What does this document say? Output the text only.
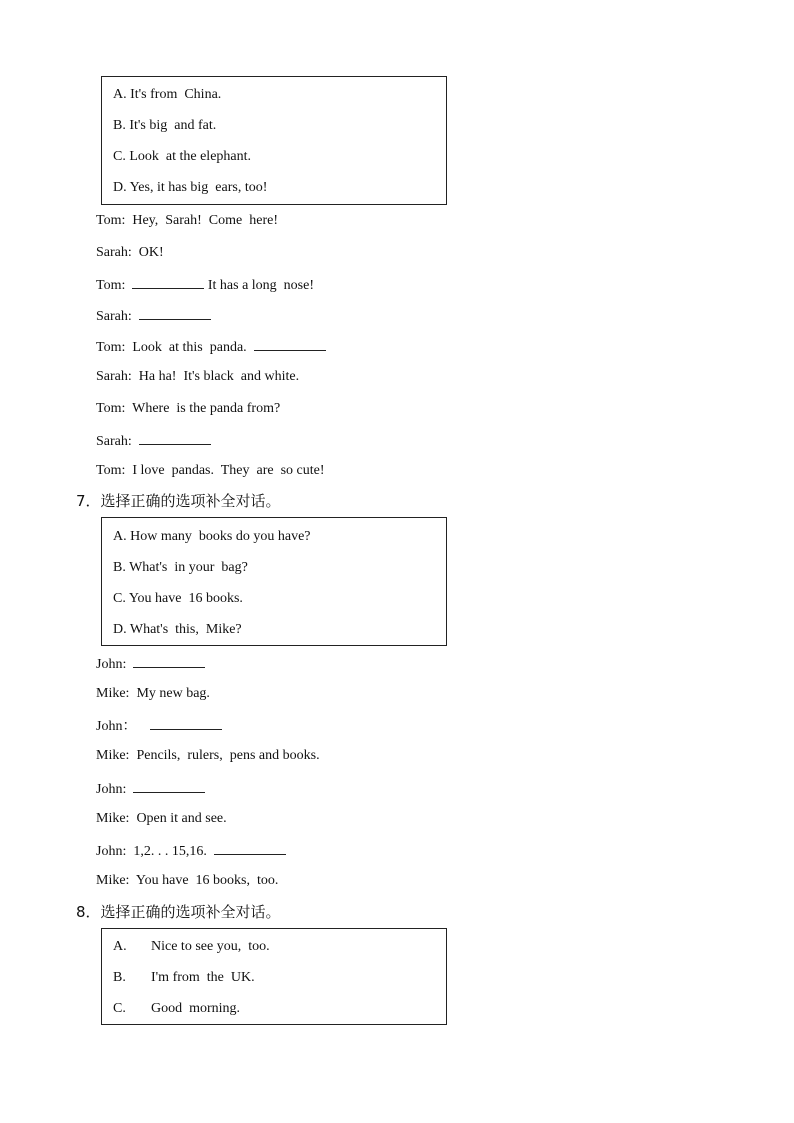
A. It's from  China.
B. It's big  and fat.
C. Look  at the elephant.
D. Yes, it has big  ears, too!
Tom:  Hey,  Sarah!  Come  here!
Sarah:  OK!
Tom:	It has a long  nose!
Sarah:
Tom:  Look  at this  panda.
Sarah:  Ha ha!  It's black  and white.
Tom:  Where  is the panda from?
Sarah:
Tom:  I love  pandas.  They  are  so cute!
7．选择正确的选项补全对话。
A. How many  books do you have?
B. What's  in your  bag?
C. You have  16 books.
D. What's  this,  Mike?
John:
Mike:  My new bag.
John：
Mike:  Pencils,  rulers,  pens and books.
John:
Mike:  Open it and see.
John:  1,2. . . 15,16.
Mike:  You have  16 books,  too.
8．选择正确的选项补全对话。
A. Nice to see you,  too.
B. I'm from  the  UK.
C. Good  morning.
